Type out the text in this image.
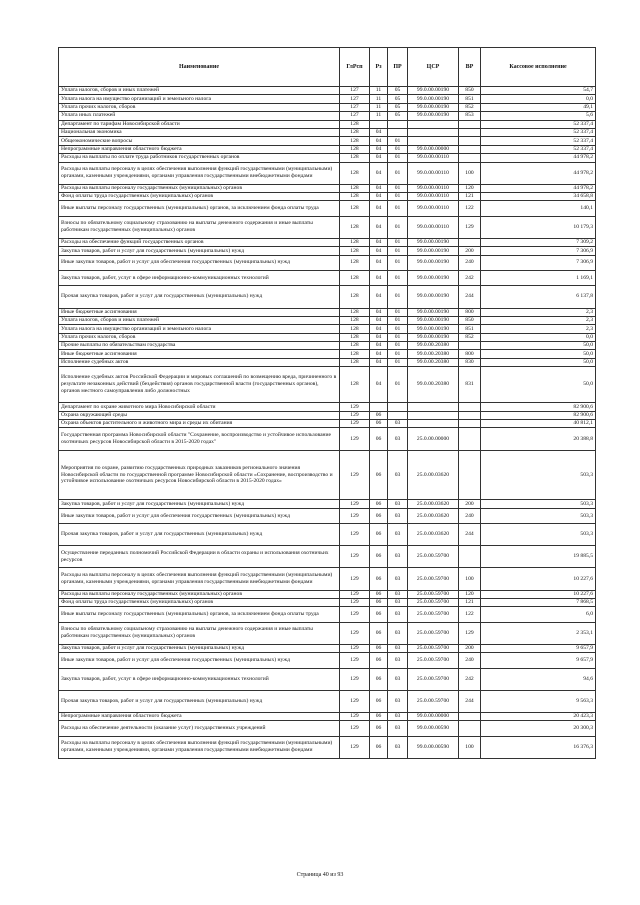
Наименование	ГлРсп	Рз	ПР	ЦСР	ВР	Кассовое исполнение
Уплата налогов, сборов и иных платежей	127	11	05	99.0.00.00190	850	54,7
Уплата налога на имущество организаций и земельного налога	127	11	05	99.0.00.00190	851	0,0
Уплата прочих налогов, сборов	127	11	05	99.0.00.00190	852	49,1
Уплата иных платежей	127	11	05	99.0.00.00190	853	5,6
Департамент по тарифам Новосибирской области	128					52 337,4
Национальная экономика	128	04				52 337,4
Общеэкономические вопросы	128	04	01			52 337,4
Непрограммные направления областного бюджета	128	04	01	99.0.00.00000		52 337,4
Расходы на выплаты по оплате труда работников государственных органов	128	04	01	99.0.00.00110		44 978,2
Расходы на выплаты персоналу в целях обеспечения выполнения функций государственными (муниципальными) органами, казенными учреждениями, органами управления государственными внебюджетными фондами	128	04	01	99.0.00.00110	100	44 978,2
Расходы на выплаты персоналу государственных (муниципальных) органов	128	04	01	99.0.00.00110	120	44 978,2
Фонд оплаты труда государственных (муниципальных) органов	128	04	01	99.0.00.00110	121	34 658,8
Иные выплаты персоналу государственных (муниципальных) органов, за исключением фонда оплаты труда	128	04	01	99.0.00.00110	122	140,1
Взносы по обязательному социальному страхованию на выплаты денежного содержания и иные выплаты работникам государственных (муниципальных) органов	128	04	01	99.0.00.00110	129	10 179,3
Расходы на обеспечение функций государственных органов	128	04	01	99.0.00.00190		7 309,2
Закупка товаров, работ и услуг для государственных (муниципальных) нужд	128	04	01	99.0.00.00190	200	7 306,9
Иные закупки товаров, работ и услуг для обеспечения государственных (муниципальных) нужд	128	04	01	99.0.00.00190	240	7 306,9
Закупка товаров, работ, услуг в сфере информационно-коммуникационных технологий	128	04	01	99.0.00.00190	242	1 169,1
Прочая закупка товаров, работ и услуг для государственных (муниципальных) нужд	128	04	01	99.0.00.00190	244	6 137,8
Иные бюджетные ассигнования	128	04	01	99.0.00.00190	800	2,3
Уплата налогов, сборов и иных платежей	128	04	01	99.0.00.00190	850	2,3
Уплата налога на имущество организаций и земельного налога	128	04	01	99.0.00.00190	851	2,3
Уплата прочих налогов, сборов	128	04	01	99.0.00.00190	852	0,0
Прочие выплаты по обязательствам государства	128	04	01	99.0.00.20380		50,0
Иные бюджетные ассигнования	128	04	01	99.0.00.20380	800	50,0
Исполнение судебных актов	128	04	01	99.0.00.20380	830	50,0
Исполнение судебных актов Российской Федерации и мировых соглашений по возмещению вреда, причиненного в результате незаконных действий (бездействия) органов государственной власти (государственных органов), органов местного самоуправления либо должностных	128	04	01	99.0.00.20380	831	50,0
Департамент по охране животного мира Новосибирской области	129					82 900,6
Охрана окружающей среды	129	06				82 900,6
Охрана объектов растительного и животного мира и среды их обитания	129	06	03			40 812,1
Государственная программа Новосибирской области "Сохранение, воспроизводство и устойчивое использование охотничьих ресурсов Новосибирской области в 2015-2020 годах"	129	06	03	25.0.00.00000		20 388,8
Мероприятия по охране, развитию государственных природных заказников регионального значения Новосибирской области по государственной программе Новосибирской области «Сохранение, воспроизводство и устойчивое использование охотничьих ресурсов Новосибирской области в 2015-2020 годах»	129	06	03	25.0.00.03620		503,3
Закупка товаров, работ и услуг для государственных (муниципальных) нужд	129	06	03	25.0.00.03620	200	503,3
Иные закупки товаров, работ и услуг для обеспечения государственных (муниципальных) нужд	129	06	03	25.0.00.03620	240	503,3
Прочая закупка товаров, работ и услуг для государственных (муниципальных) нужд	129	06	03	25.0.00.03620	244	503,3
Осуществление переданных полномочий Российской Федерации в области охраны и использования охотничьих ресурсов	129	06	03	25.0.00.59700		19 885,5
Расходы на выплаты персоналу в целях обеспечения выполнения функций государственными (муниципальными) органами, казенными учреждениями, органами управления государственными внебюджетными фондами	129	06	03	25.0.00.59700	100	10 227,6
Расходы на выплаты персоналу государственных (муниципальных) органов	129	06	03	25.0.00.59700	120	10 227,6
Фонд оплаты труда государственных (муниципальных) органов	129	06	03	25.0.00.59700	121	7 868,5
Иные выплаты персоналу государственных (муниципальных) органов, за исключением фонда оплаты труда	129	06	03	25.0.00.59700	122	6,0
Взносы по обязательному социальному страхованию на выплаты денежного содержания и иные выплаты работникам государственных (муниципальных) органов	129	06	03	25.0.00.59700	129	2 353,1
Закупка товаров, работ и услуг для государственных (муниципальных) нужд	129	06	03	25.0.00.59700	200	9 657,9
Иные закупки товаров, работ и услуг для обеспечения государственных (муниципальных) нужд	129	06	03	25.0.00.59700	240	9 657,9
Закупка товаров, работ, услуг в сфере информационно-коммуникационных технологий	129	06	03	25.0.00.59700	242	94,6
Прочая закупка товаров, работ и услуг для государственных (муниципальных) нужд	129	06	03	25.0.00.59700	244	9 563,3
Непрограммные направления областного бюджета	129	06	03	99.0.00.00000		20 423,3
Расходы на обеспечение деятельности (оказание услуг) государственных учреждений	129	06	03	99.0.00.00590		20 300,3
Расходы на выплаты персоналу в целях обеспечения выполнения функций государственными (муниципальными) органами, казенными учреждениями, органами управления государственными внебюджетными фондами	129	06	03	99.0.00.00590	100	16 376,3
Страница 40 из 93
